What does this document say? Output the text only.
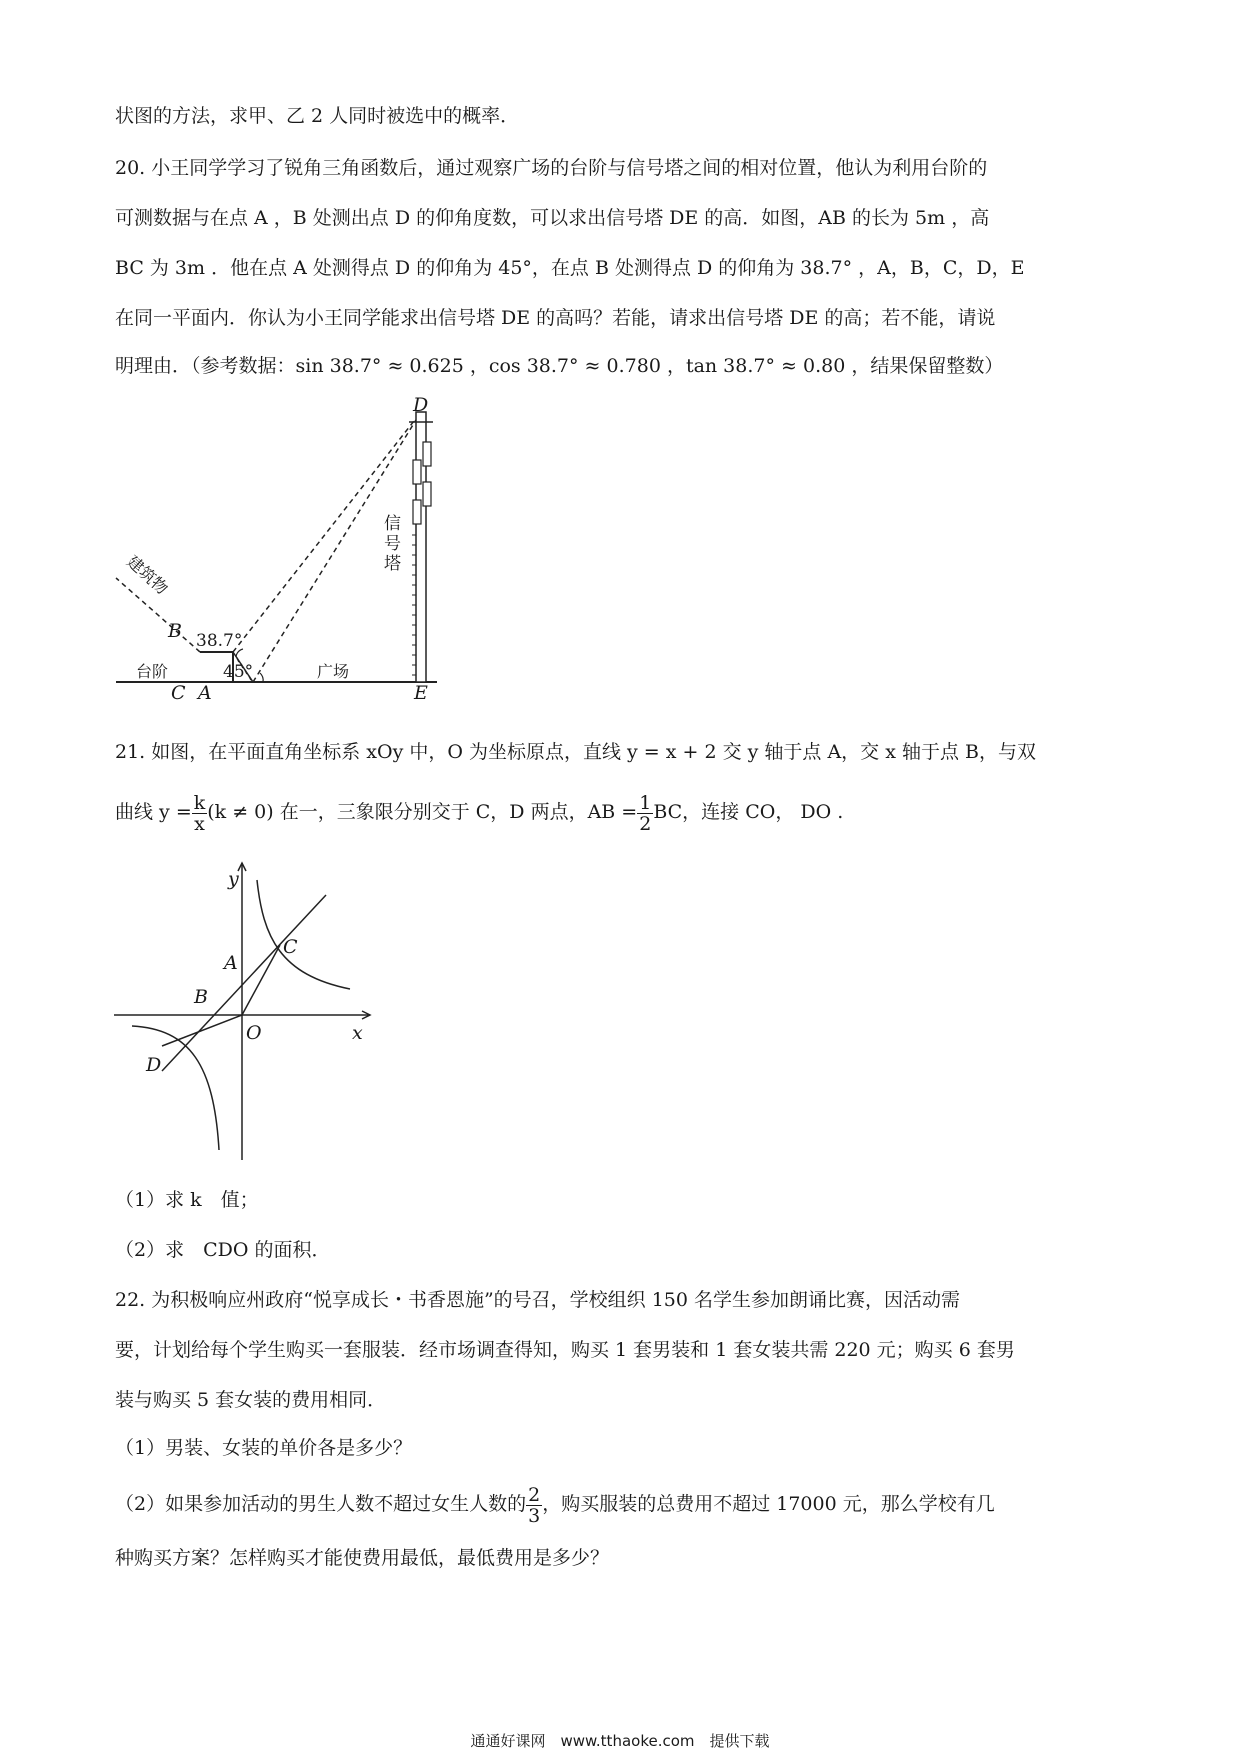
状图的方法，求甲、乙 2 人同时被选中的概率．
20. 小王同学学习了锐角三角函数后，通过观察广场的台阶与信号塔之间的相对位置，他认为利用台阶的
可测数据与在点 A ，B 处测出点 D 的仰角度数，可以求出信号塔 DE 的高．如图，AB 的长为 5m ，高
BC 为 3m ．他在点 A 处测得点 D 的仰角为 45°，在点 B 处测得点 D 的仰角为 38.7° ，A，B，C，D，E
在同一平面内．你认为小王同学能求出信号塔 DE 的高吗？若能，请求出信号塔 DE 的高；若不能，请说
明理由．（参考数据：sin 38.7° ≈ 0.625 ，cos 38.7° ≈ 0.780 ，tan 38.7° ≈ 0.80 ，结果保留整数）
D
B
C A	E
38.7°
45°
台阶	广场
信
号
塔
建筑物
21. 如图，在平面直角坐标系 xOy 中，O 为坐标原点，直线 y = x + 2 交 y 轴于点 A，交 x 轴于点 B，与双
曲线 $y = \frac{k}{x} (k \ne 0)$ 在一，三象限分别交于 C，D 两点，AB = $\frac{1}{2}$ BC，连接 CO， DO .
y
x
O
A
B
C
D
（1）求 k　值；
（2）求　CDO 的面积．
22. 为积极响应州政府“悦享成长・书香恩施”的号召，学校组织 150 名学生参加朗诵比赛，因活动需
要，计划给每个学生购买一套服装．经市场调查得知，购买 1 套男装和 1 套女装共需 220 元；购买 6 套男
装与购买 5 套女装的费用相同．
（1）男装、女装的单价各是多少？
（2）如果参加活动的男生人数不超过女生人数的 $\frac{2}{3}$ ，购买服装的总费用不超过 17000 元，那么学校有几
种购买方案？怎样购买才能使费用最低，最低费用是多少？
通通好课网　www.tthaoke.com　提供下载
